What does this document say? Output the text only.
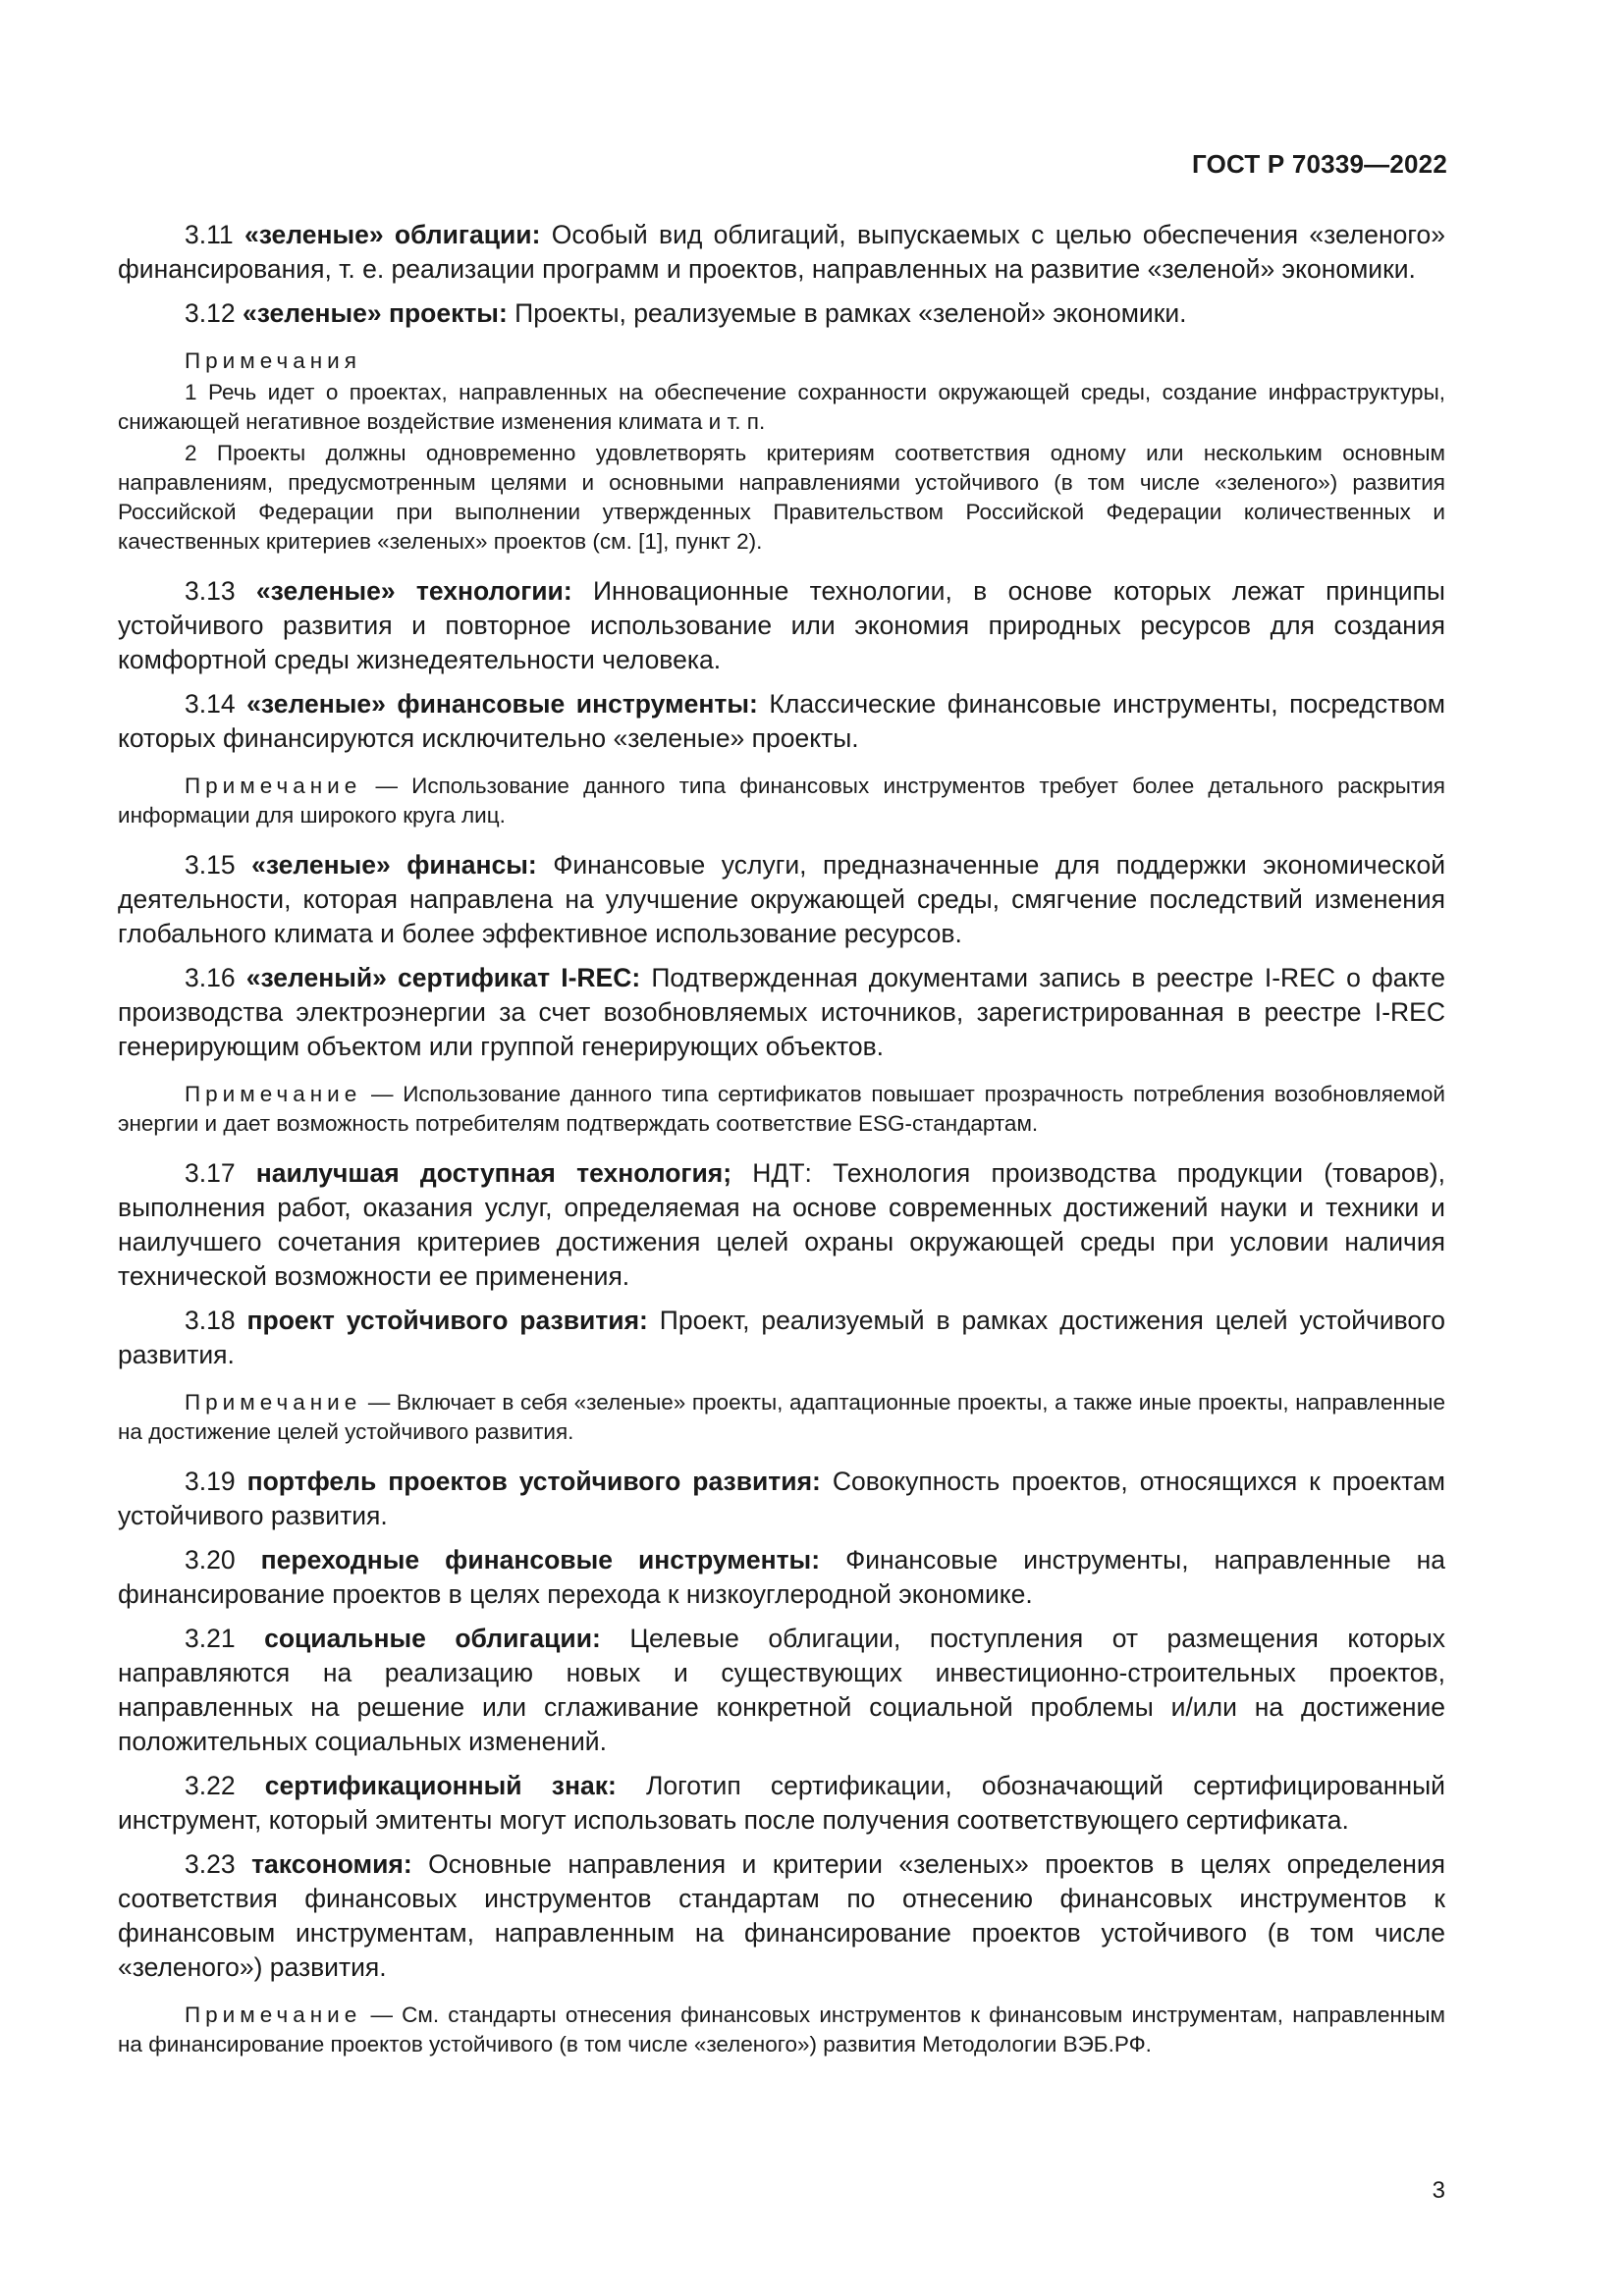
ГОСТ Р 70339—2022

3.11 «зеленые» облигации: Особый вид облигаций, выпускаемых с целью обеспечения «зеленого» финансирования, т. е. реализации программ и проектов, направленных на развитие «зеленой» экономики.

3.12 «зеленые» проекты: Проекты, реализуемые в рамках «зеленой» экономики.

Примечания

1 Речь идет о проектах, направленных на обеспечение сохранности окружающей среды, создание инфраструктуры, снижающей негативное воздействие изменения климата и т. п.

2 Проекты должны одновременно удовлетворять критериям соответствия одному или нескольким основным направлениям, предусмотренным целями и основными направлениями устойчивого (в том числе «зеленого») развития Российской Федерации при выполнении утвержденных Правительством Российской Федерации количественных и качественных критериев «зеленых» проектов (см. [1], пункт 2).

3.13 «зеленые» технологии: Инновационные технологии, в основе которых лежат принципы устойчивого развития и повторное использование или экономия природных ресурсов для создания комфортной среды жизнедеятельности человека.

3.14 «зеленые» финансовые инструменты: Классические финансовые инструменты, посредством которых финансируются исключительно «зеленые» проекты.

Примечание — Использование данного типа финансовых инструментов требует более детального раскрытия информации для широкого круга лиц.

3.15 «зеленые» финансы: Финансовые услуги, предназначенные для поддержки экономической деятельности, которая направлена на улучшение окружающей среды, смягчение последствий изменения глобального климата и более эффективное использование ресурсов.

3.16 «зеленый» сертификат I-REC: Подтвержденная документами запись в реестре I-REC о факте производства электроэнергии за счет возобновляемых источников, зарегистрированная в реестре I-REC генерирующим объектом или группой генерирующих объектов.

Примечание — Использование данного типа сертификатов повышает прозрачность потребления возобновляемой энергии и дает возможность потребителям подтверждать соответствие ESG-стандартам.

3.17 наилучшая доступная технология; НДТ: Технология производства продукции (товаров), выполнения работ, оказания услуг, определяемая на основе современных достижений науки и техники и наилучшего сочетания критериев достижения целей охраны окружающей среды при условии наличия технической возможности ее применения.

3.18 проект устойчивого развития: Проект, реализуемый в рамках достижения целей устойчивого развития.

Примечание — Включает в себя «зеленые» проекты, адаптационные проекты, а также иные проекты, направленные на достижение целей устойчивого развития.

3.19 портфель проектов устойчивого развития: Совокупность проектов, относящихся к проектам устойчивого развития.

3.20 переходные финансовые инструменты: Финансовые инструменты, направленные на финансирование проектов в целях перехода к низкоуглеродной экономике.

3.21 социальные облигации: Целевые облигации, поступления от размещения которых направляются на реализацию новых и существующих инвестиционно-строительных проектов, направленных на решение или сглаживание конкретной социальной проблемы и/или на достижение положительных социальных изменений.

3.22 сертификационный знак: Логотип сертификации, обозначающий сертифицированный инструмент, который эмитенты могут использовать после получения соответствующего сертификата.

3.23 таксономия: Основные направления и критерии «зеленых» проектов в целях определения соответствия финансовых инструментов стандартам по отнесению финансовых инструментов к финансовым инструментам, направленным на финансирование проектов устойчивого (в том числе «зеленого») развития.

Примечание — См. стандарты отнесения финансовых инструментов к финансовым инструментам, направленным на финансирование проектов устойчивого (в том числе «зеленого») развития Методологии ВЭБ.РФ.

3
